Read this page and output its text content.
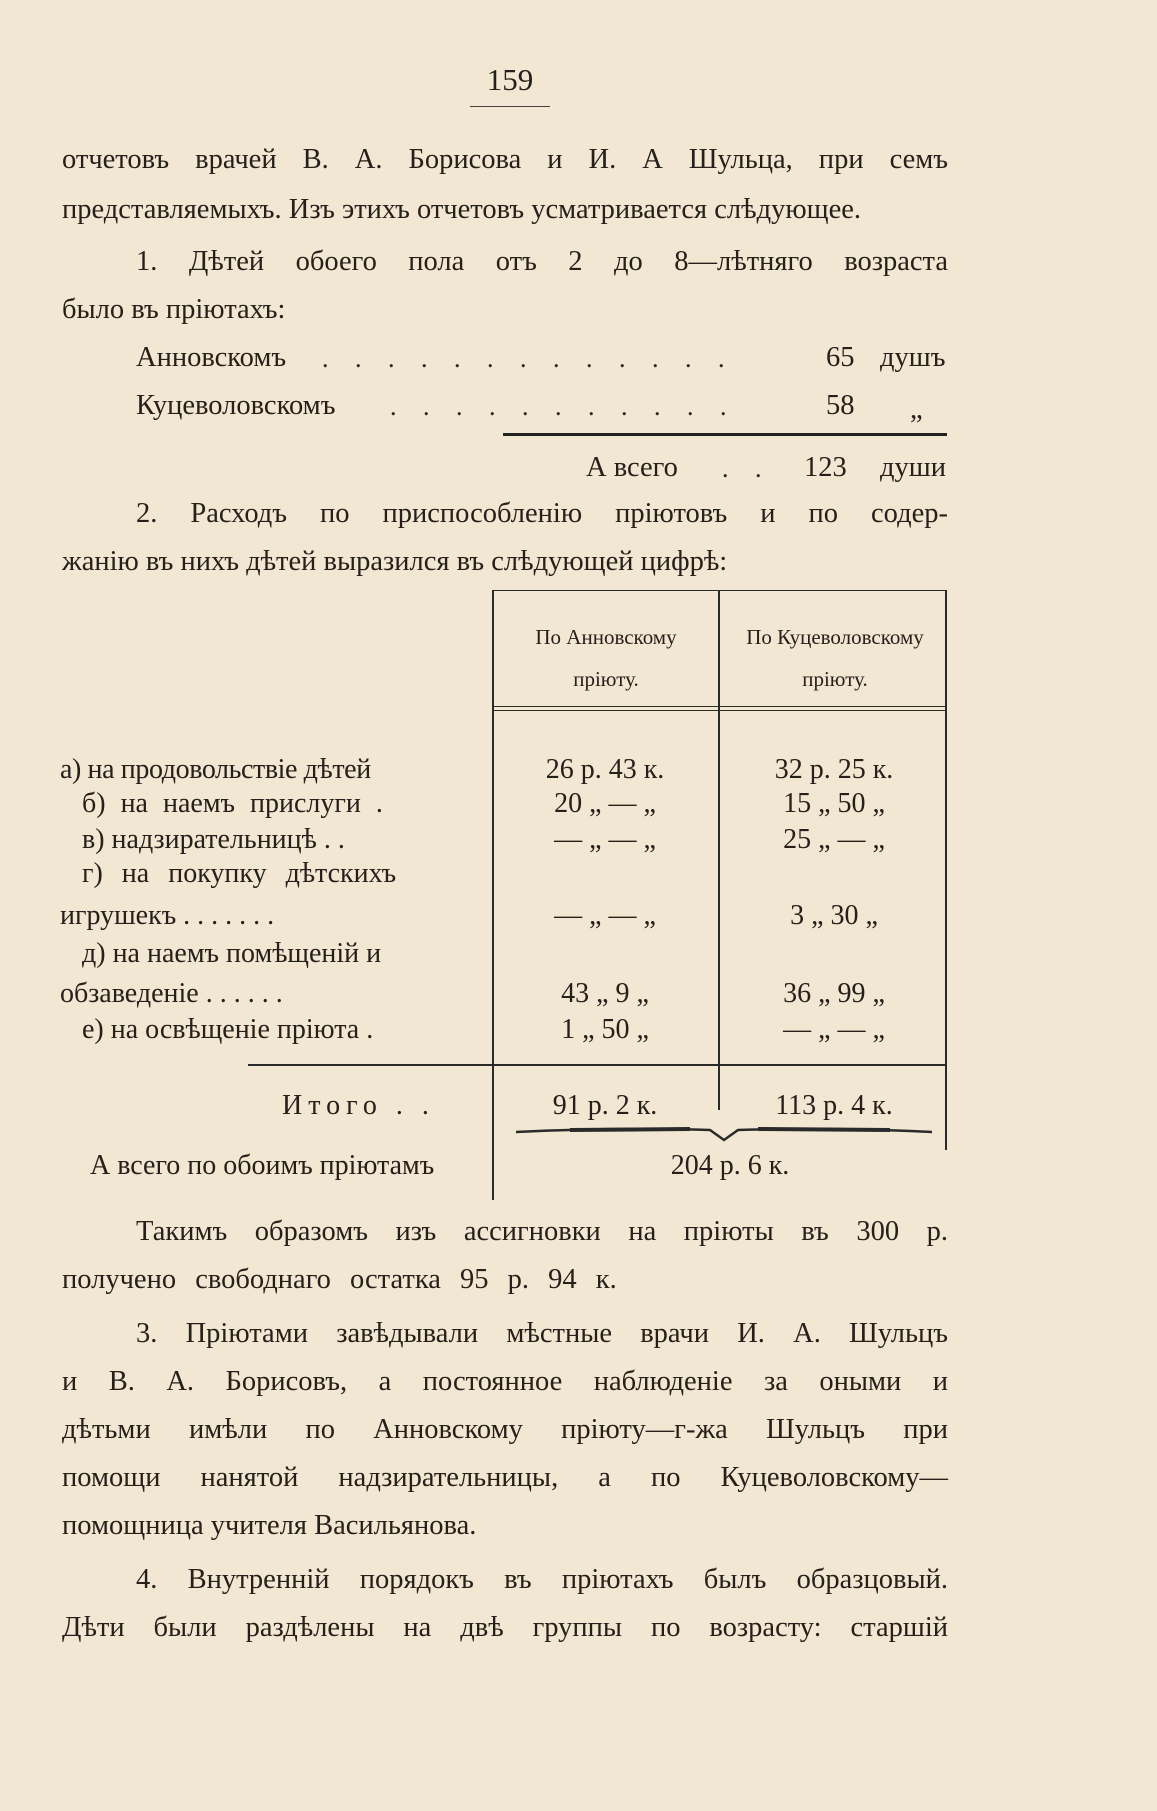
159
отчетовъ врачей В. А. Борисова и И. А Шульца, при семъ
представляемыхъ. Изъ этихъ отчетовъ усматривается слѣдующее.
1. Дѣтей обоего пола отъ 2 до 8—лѣтняго возраста
было въ пріютахъ:
Анновскомъ . . . . . . . . . . . . .	65 душъ
Куцеволовскомъ . . . . . . . . . . .	58 „
А всего . . 123 души
2. Расходъ по приспособленію пріютовъ и по содер-
жанію въ нихъ дѣтей выразился въ слѣдующей цифрѣ:
По Анновскому пріюту.
По Куцеволовскому пріюту.
а) на продовольствіе дѣтей	26 р. 43 к.	32 р. 25 к.
б) на наемъ прислуги .	20 „ — „	15 „ 50 „
в) надзирательницѣ . .	— „ — „	25 „ — „
г) на покупку дѣтскихъ
игрушекъ . . . . . . .	— „ — „	3 „ 30 „
д) на наемъ помѣщеній и
обзаведеніе . . . . . .	43 „ 9 „	36 „ 99 „
е) на освѣщеніе пріюта .	1 „ 50 „	— „ — „
Итого . .	91 р. 2 к.	113 р. 4 к.
А всего по обоимъ пріютамъ	204 р. 6 к.
Такимъ образомъ изъ ассигновки на пріюты въ 300 р.
получено свободнаго остатка 95 р. 94 к.
3. Пріютами завѣдывали мѣстные врачи И. А. Шульцъ
и В. А. Борисовъ, а постоянное наблюденіе за оными и
дѣтьми имѣли по Анновскому пріюту—г-жа Шульцъ при
помощи нанятой надзирательницы, а по Куцеволовскому—
помощница учителя Васильянова.
4. Внутренній порядокъ въ пріютахъ былъ образцовый.
Дѣти были раздѣлены на двѣ группы по возрасту: старшій
